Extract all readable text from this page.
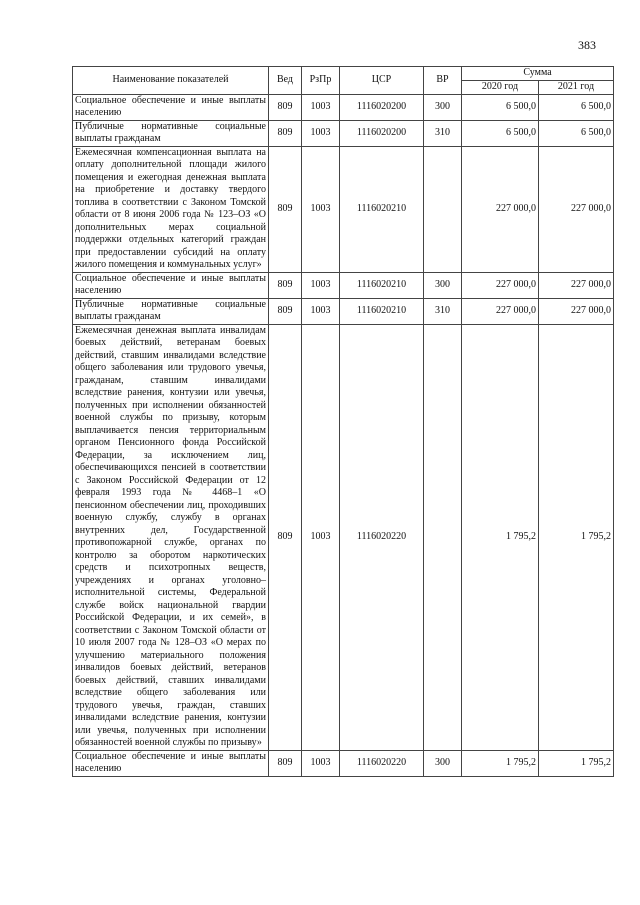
383
Наименование показателей	Вед	РзПр	ЦСР	ВР	Сумма	
					2020 год	2021 год
Социальное обеспечение и иные выплаты населению	809	1003	1116020200	300	6 500,0	6 500,0
Публичные нормативные социальные выплаты гражданам	809	1003	1116020200	310	6 500,0	6 500,0
Ежемесячная компенсационная выплата на оплату дополнительной площади жилого помещения и ежегодная денежная выплата на приобретение и доставку твердого топлива в соответствии с Законом Томской области от 8 июня 2006 года № 123–ОЗ «О дополнительных мерах социальной поддержки отдельных категорий граждан при предоставлении субсидий на оплату жилого помещения и коммунальных услуг»	809	1003	1116020210		227 000,0	227 000,0
Социальное обеспечение и иные выплаты населению	809	1003	1116020210	300	227 000,0	227 000,0
Публичные нормативные социальные выплаты гражданам	809	1003	1116020210	310	227 000,0	227 000,0
Ежемесячная денежная выплата инвалидам боевых действий, ветеранам боевых действий, ставшим инвалидами вследствие общего заболевания или трудового увечья, гражданам, ставшим инвалидами вследствие ранения, контузии или увечья, полученных при исполнении обязанностей военной службы по призыву, которым выплачивается пенсия территориальным органом Пенсионного фонда Российской Федерации, за исключением лиц, обеспечивающихся пенсией в соответствии с Законом Российской Федерации от 12 февраля 1993 года № 4468–1 «О пенсионном обеспечении лиц, проходивших военную службу, службу в органах внутренних дел, Государственной противопожарной службе, органах по контролю за оборотом наркотических средств и психотропных веществ, учреждениях и органах уголовно–исполнительной системы, Федеральной службе войск национальной гвардии Российской Федерации, и их семей», в соответствии с Законом Томской области от 10 июля 2007 года № 128–ОЗ «О мерах по улучшению материального положения инвалидов боевых действий, ветеранов боевых действий, ставших инвалидами вследствие общего заболевания или трудового увечья, граждан, ставших инвалидами вследствие ранения, контузии или увечья, полученных при исполнении обязанностей военной службы по призыву»	809	1003	1116020220		1 795,2	1 795,2
Социальное обеспечение и иные выплаты населению	809	1003	1116020220	300	1 795,2	1 795,2
